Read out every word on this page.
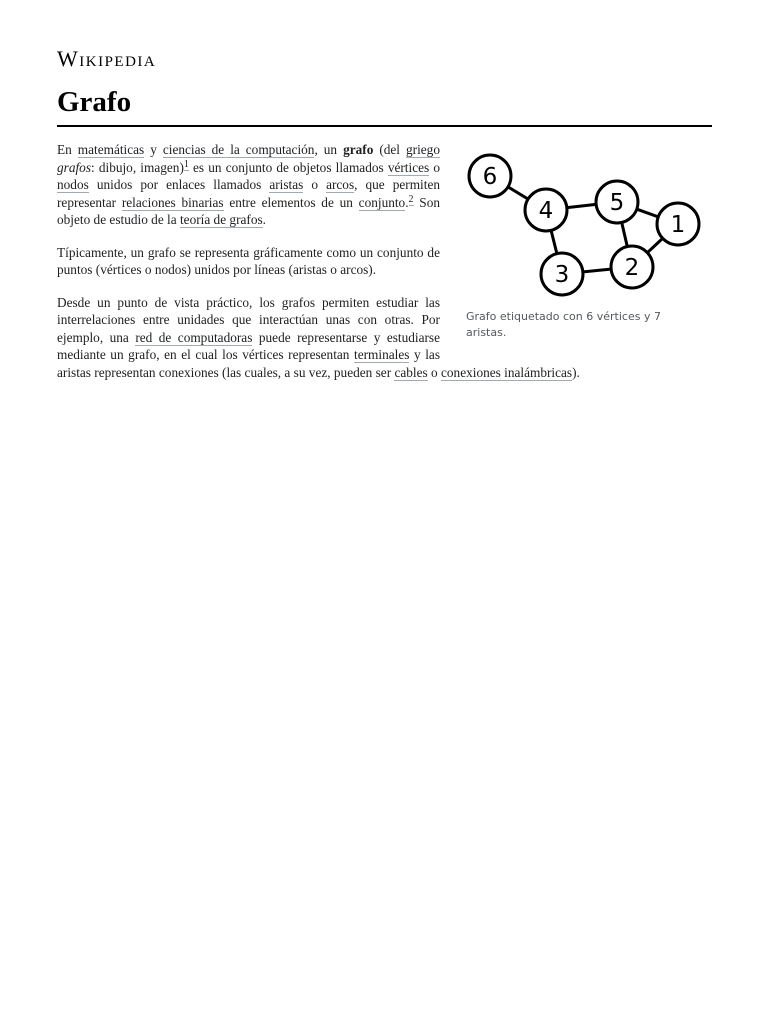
Wikipedia
Grafo
6
4 5
1
2
3
Grafo etiquetado con 6 vértices y 7 aristas.

En matemáticas y ciencias de la computación, un grafo (del griego grafos: dibujo, imagen)$^1$ es un conjunto de objetos llamados vértices o nodos unidos por enlaces llamados aristas o arcos, que permiten representar relaciones binarias entre elementos de un conjunto.$^2$ Son objeto de estudio de la teoría de grafos.

Típicamente, un grafo se representa gráficamente como un conjunto de puntos (vértices o nodos) unidos por líneas (aristas o arcos).

Desde un punto de vista práctico, los grafos permiten estudiar las interrelaciones entre unidades que interactúan unas con otras. Por ejemplo, una red de computadoras puede representarse y estudiarse mediante un grafo, en el cual los vértices representan terminales y las aristas representan conexiones (las cuales, a su vez, pueden ser cables o conexiones inalámbricas).
